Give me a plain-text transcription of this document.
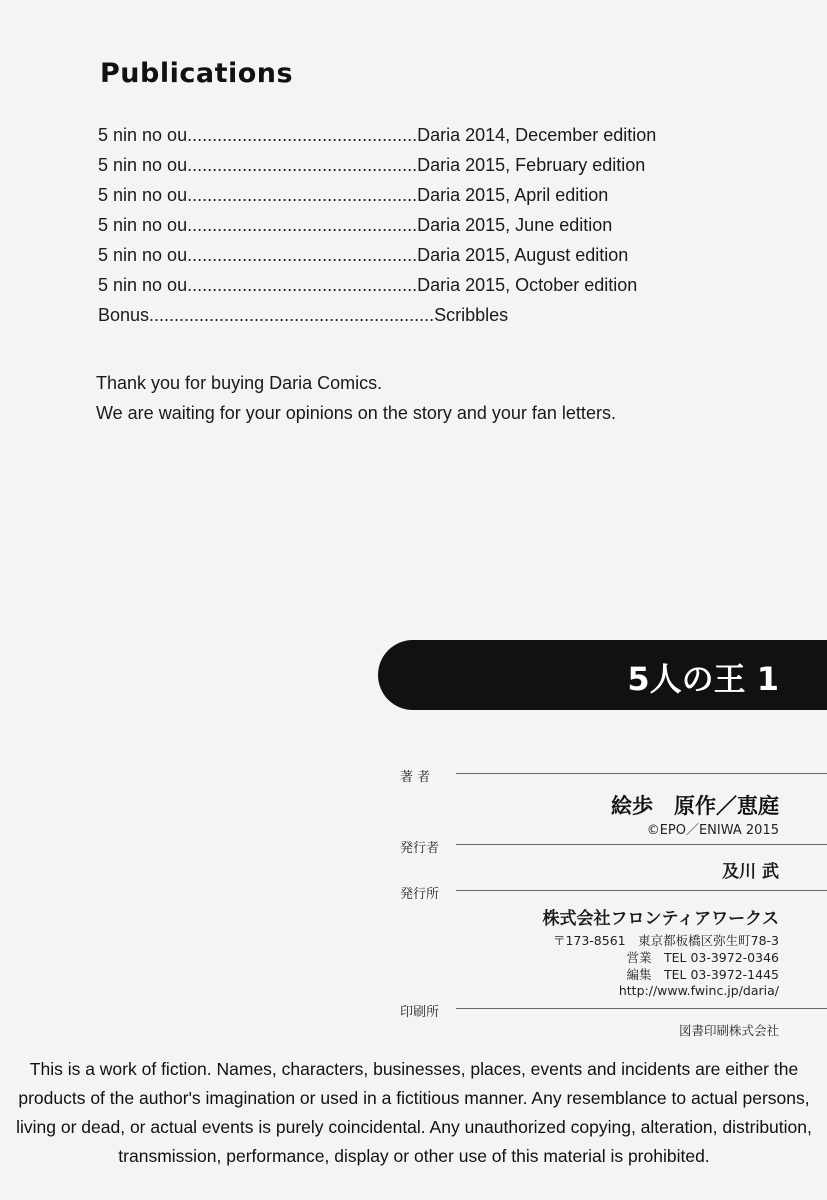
Publications
5 nin no ou..............................................Daria 2014, December edition
5 nin no ou..............................................Daria 2015, February edition
5 nin no ou..............................................Daria 2015, April edition
5 nin no ou..............................................Daria 2015, June edition
5 nin no ou..............................................Daria 2015, August edition
5 nin no ou..............................................Daria 2015, October edition
Bonus.........................................................Scribbles
Thank you for buying Daria Comics.
We are waiting for your opinions on the story and your fan letters.
5人の王 1
著 者
絵歩　原作／恵庭
©EPO／ENIWA 2015
発行者
及川 武
発行所
株式会社フロンティアワークス
〒173-8561　東京都板橋区弥生町78-3
営業　TEL 03-3972-0346
編集　TEL 03-3972-1445
http://www.fwinc.jp/daria/
印刷所
図書印刷株式会社
This is a work of fiction. Names, characters, businesses, places, events and incidents are either the
products of the author's imagination or used in a fictitious manner. Any resemblance to actual persons,
living or dead, or actual events is purely coincidental. Any unauthorized copying, alteration, distribution,
transmission, performance, display or other use of this material is prohibited.
